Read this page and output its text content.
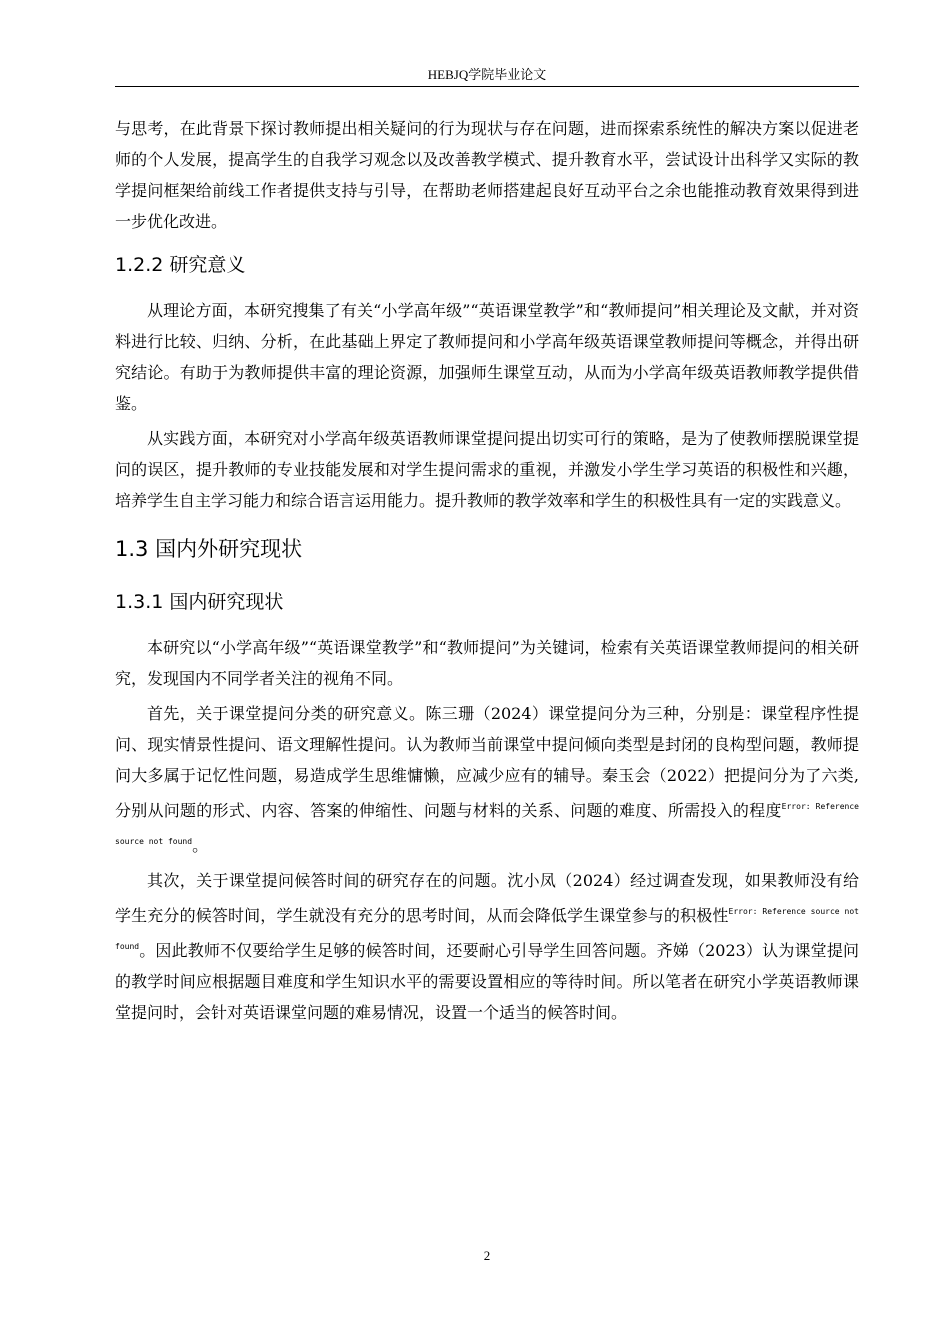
HEBJQ学院毕业论文

与思考，在此背景下探讨教师提出相关疑问的行为现状与存在问题，进而探索系统性的解决方案以促进老师的个人发展，提高学生的自我学习观念以及改善教学模式、提升教育水平，尝试设计出科学又实际的教学提问框架给前线工作者提供支持与引导，在帮助老师搭建起良好互动平台之余也能推动教育效果得到进一步优化改进。

1.2.2 研究意义

从理论方面，本研究搜集了有关“小学高年级”“英语课堂教学”和“教师提问”相关理论及文献，并对资料进行比较、归纳、分析，在此基础上界定了教师提问和小学高年级英语课堂教师提问等概念，并得出研究结论。有助于为教师提供丰富的理论资源，加强师生课堂互动，从而为小学高年级英语教师教学提供借鉴。

从实践方面，本研究对小学高年级英语教师课堂提问提出切实可行的策略，是为了使教师摆脱课堂提问的误区，提升教师的专业技能发展和对学生提问需求的重视，并激发小学生学习英语的积极性和兴趣，培养学生自主学习能力和综合语言运用能力。提升教师的教学效率和学生的积极性具有一定的实践意义。

1.3 国内外研究现状
1.3.1 国内研究现状

本研究以“小学高年级”“英语课堂教学”和“教师提问”为关键词，检索有关英语课堂教师提问的相关研究，发现国内不同学者关注的视角不同。

首先，关于课堂提问分类的研究意义。陈三珊（2024）课堂提问分为三种，分别是：课堂程序性提问、现实情景性提问、语文理解性提问。认为教师当前课堂中提问倾向类型是封闭的良构型问题，教师提问大多属于记忆性问题，易造成学生思维慵懒，应减少应有的辅导。秦玉会（2022）把提问分为了六类,分别从问题的形式、内容、答案的伸缩性、问题与材料的关系、问题的难度、所需投入的程度$^{Error: Reference source not found}$。

其次，关于课堂提问候答时间的研究存在的问题。沈小凤（2024）经过调查发现，如果教师没有给学生充分的候答时间，学生就没有充分的思考时间，从而会降低学生课堂参与的积极性$^{Error: Reference source not found}$。因此教师不仅要给学生足够的候答时间，还要耐心引导学生回答问题。齐娣（2023）认为课堂提问的教学时间应根据题目难度和学生知识水平的需要设置相应的等待时间。所以笔者在研究小学英语教师课堂提问时，会针对英语课堂问题的难易情况，设置一个适当的候答时间。

2
